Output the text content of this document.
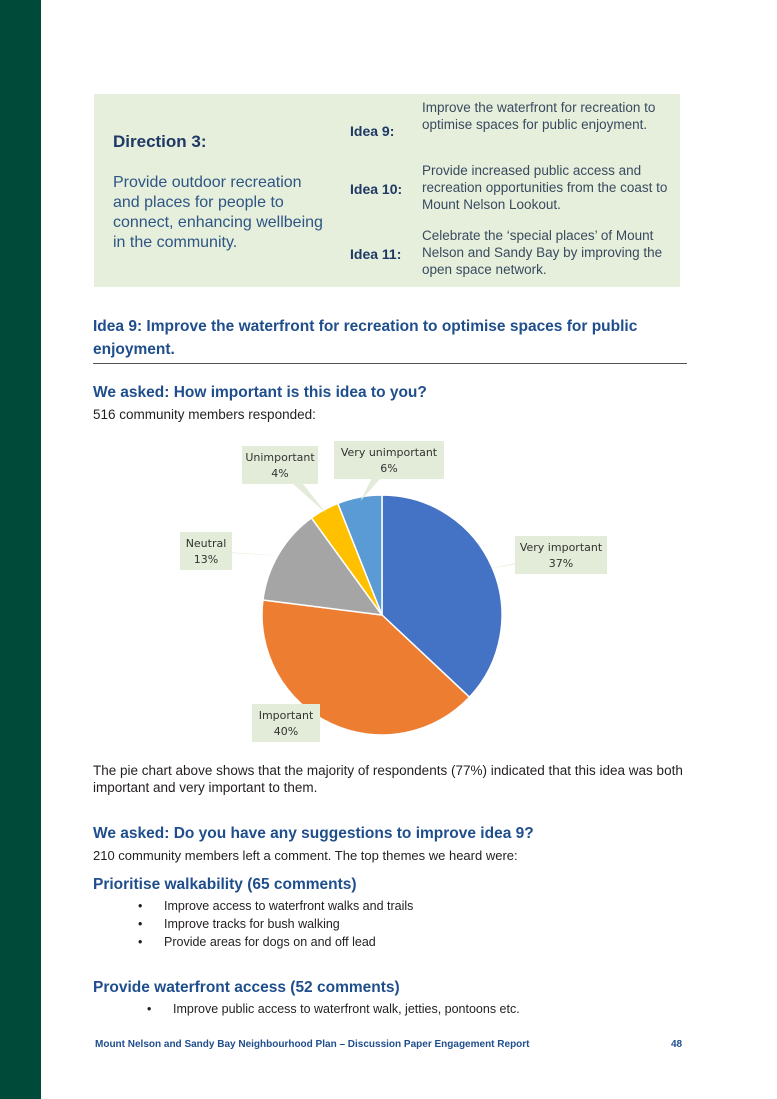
Direction 3:
Provide outdoor recreation and places for people to connect, enhancing wellbeing in the community.
Idea 9:
Improve the waterfront for recreation to optimise spaces for public enjoyment.
Idea 10:
Provide increased public access and recreation opportunities from the coast to Mount Nelson Lookout.
Idea 11:
Celebrate the ‘special places’ of Mount Nelson and Sandy Bay by improving the open space network.
Idea 9: Improve the waterfront for recreation to optimise spaces for public enjoyment.
We asked: How important is this idea to you?
516 community members responded:
Very important
37%
Important
40%
Neutral
13%
Unimportant
4%
Very unimportant
6%
The pie chart above shows that the majority of respondents (77%) indicated that this idea was both important and very important to them.
We asked: Do you have any suggestions to improve idea 9?
210 community members left a comment. The top themes we heard were:
Prioritise walkability (65 comments)
• Improve access to waterfront walks and trails
• Improve tracks for bush walking
• Provide areas for dogs on and off lead
Provide waterfront access (52 comments)
• Improve public access to waterfront walk, jetties, pontoons etc.
Mount Nelson and Sandy Bay Neighbourhood Plan – Discussion Paper Engagement Report	48
